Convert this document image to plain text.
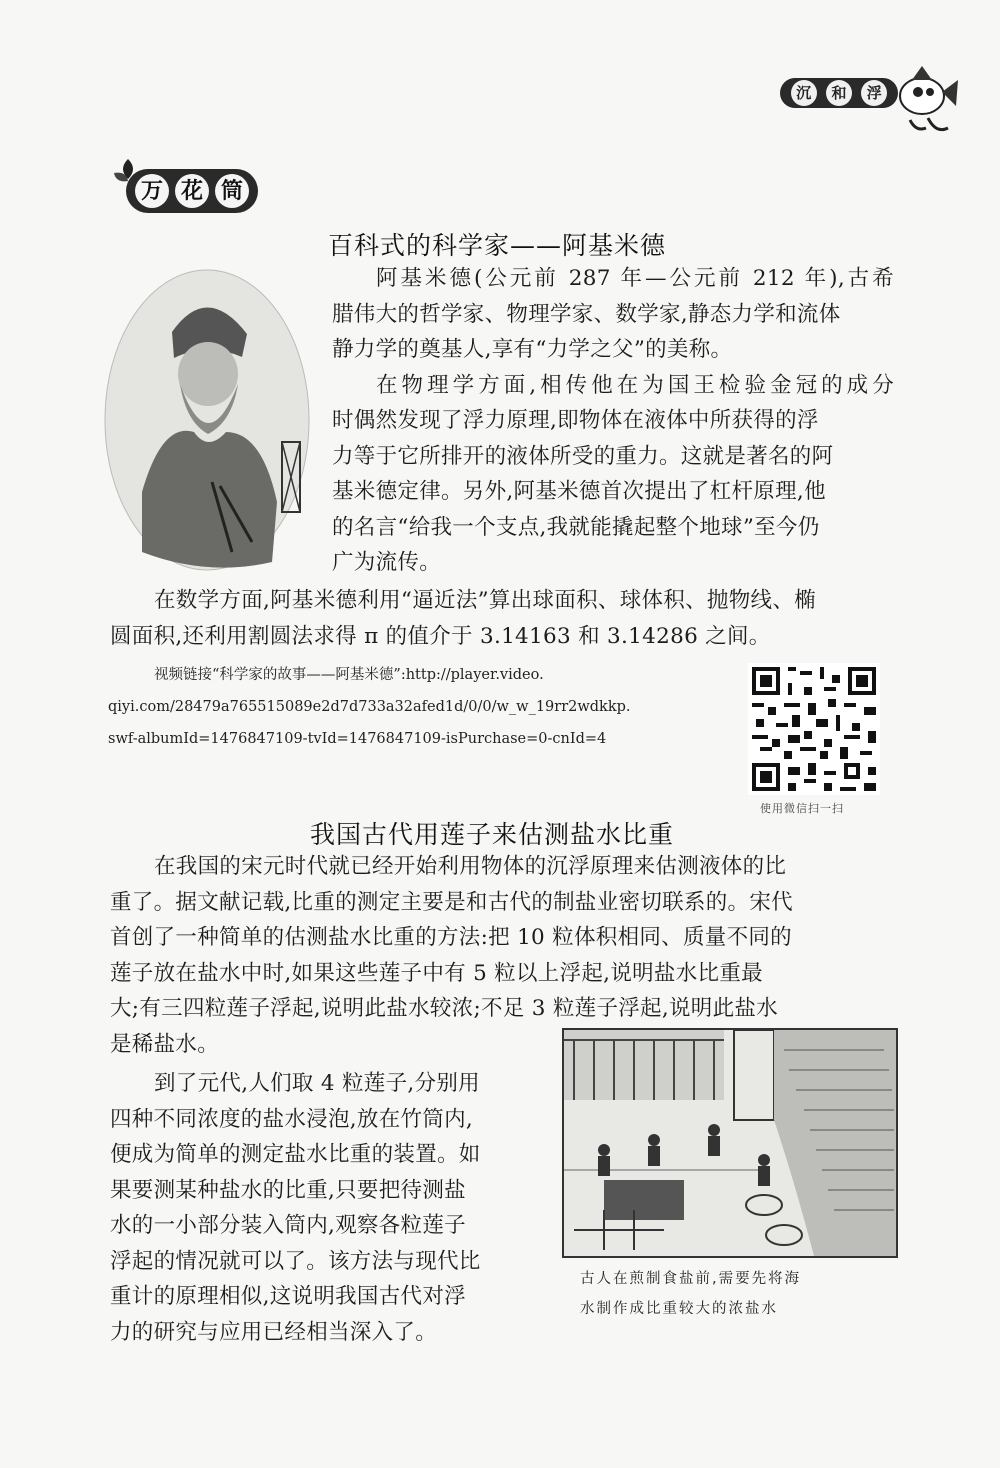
沉	和	浮
万 花 筒
百科式的科学家——阿基米德

阿基米德(公元前 287 年—公元前 212 年),古希

腊伟大的哲学家、物理学家、数学家,静态力学和流体
静力学的奠基人,享有“力学之父”的美称。

在物理学方面,相传他在为国王检验金冠的成分

时偶然发现了浮力原理,即物体在液体中所获得的浮
力等于它所排开的液体所受的重力。这就是著名的阿
基米德定律。另外,阿基米德首次提出了杠杆原理,他
的名言“给我一个支点,我就能撬起整个地球”至今仍
广为流传。

在数学方面,阿基米德利用“逼近法”算出球面积、球体积、抛物线、椭
圆面积,还利用割圆法求得 π 的值介于 3.14163 和 3.14286 之间。

视频链接“科学家的故事——阿基米德”:http://player.video.
qiyi.com/28479a765515089e2d7d733a32afed1d/0/0/w_w_19rr2wdkkp.
swf-albumId=1476847109-tvId=1476847109-isPurchase=0-cnId=4
使用微信扫一扫
我国古代用莲子来估测盐水比重

在我国的宋元时代就已经开始利用物体的沉浮原理来估测液体的比
重了。据文献记载,比重的测定主要是和古代的制盐业密切联系的。宋代
首创了一种简单的估测盐水比重的方法:把 10 粒体积相同、质量不同的
莲子放在盐水中时,如果这些莲子中有 5 粒以上浮起,说明盐水比重最
大;有三四粒莲子浮起,说明此盐水较浓;不足 3 粒莲子浮起,说明此盐水
是稀盐水。

到了元代,人们取 4 粒莲子,分别用
四种不同浓度的盐水浸泡,放在竹筒内,
便成为简单的测定盐水比重的装置。如
果要测某种盐水的比重,只要把待测盐
水的一小部分装入筒内,观察各粒莲子
浮起的情况就可以了。该方法与现代比
重计的原理相似,这说明我国古代对浮
力的研究与应用已经相当深入了。

古人在煎制食盐前,需要先将海
水制作成比重较大的浓盐水
